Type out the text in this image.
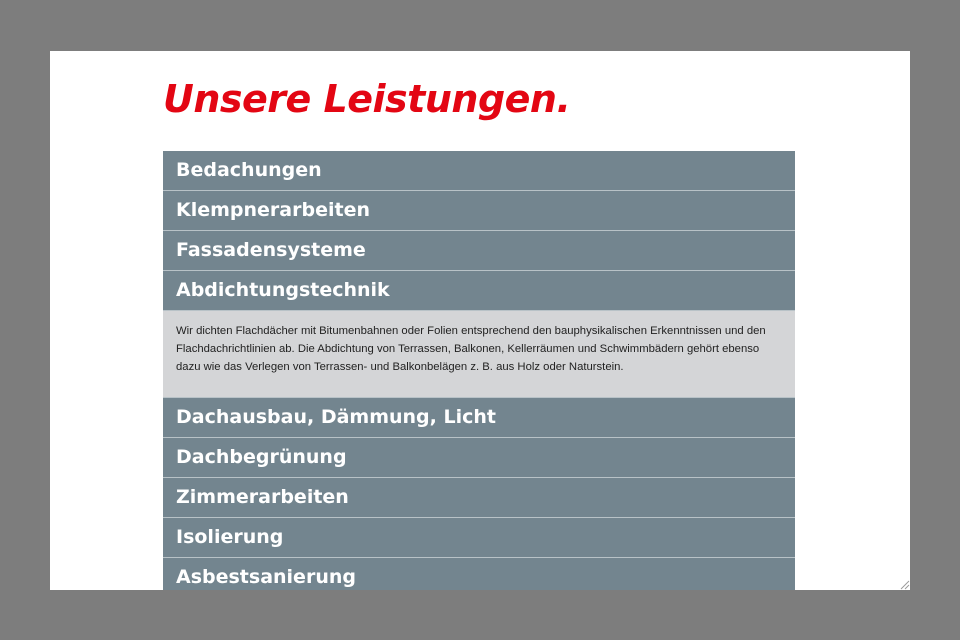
Unsere Leistungen.
Bedachungen
Klempnerarbeiten
Fassadensysteme
Abdichtungstechnik
Wir dichten Flachdächer mit Bitumenbahnen oder Folien entsprechend den bauphysikalischen Erkenntnissen und den Flachdachrichtlinien ab. Die Abdichtung von Terrassen, Balkonen, Kellerräumen und Schwimmbädern gehört ebenso dazu wie das Verlegen von Terrassen- und Balkonbelägen z. B. aus Holz oder Naturstein.
Dachausbau, Dämmung, Licht
Dachbegrünung
Zimmerarbeiten
Isolierung
Asbestsanierung
